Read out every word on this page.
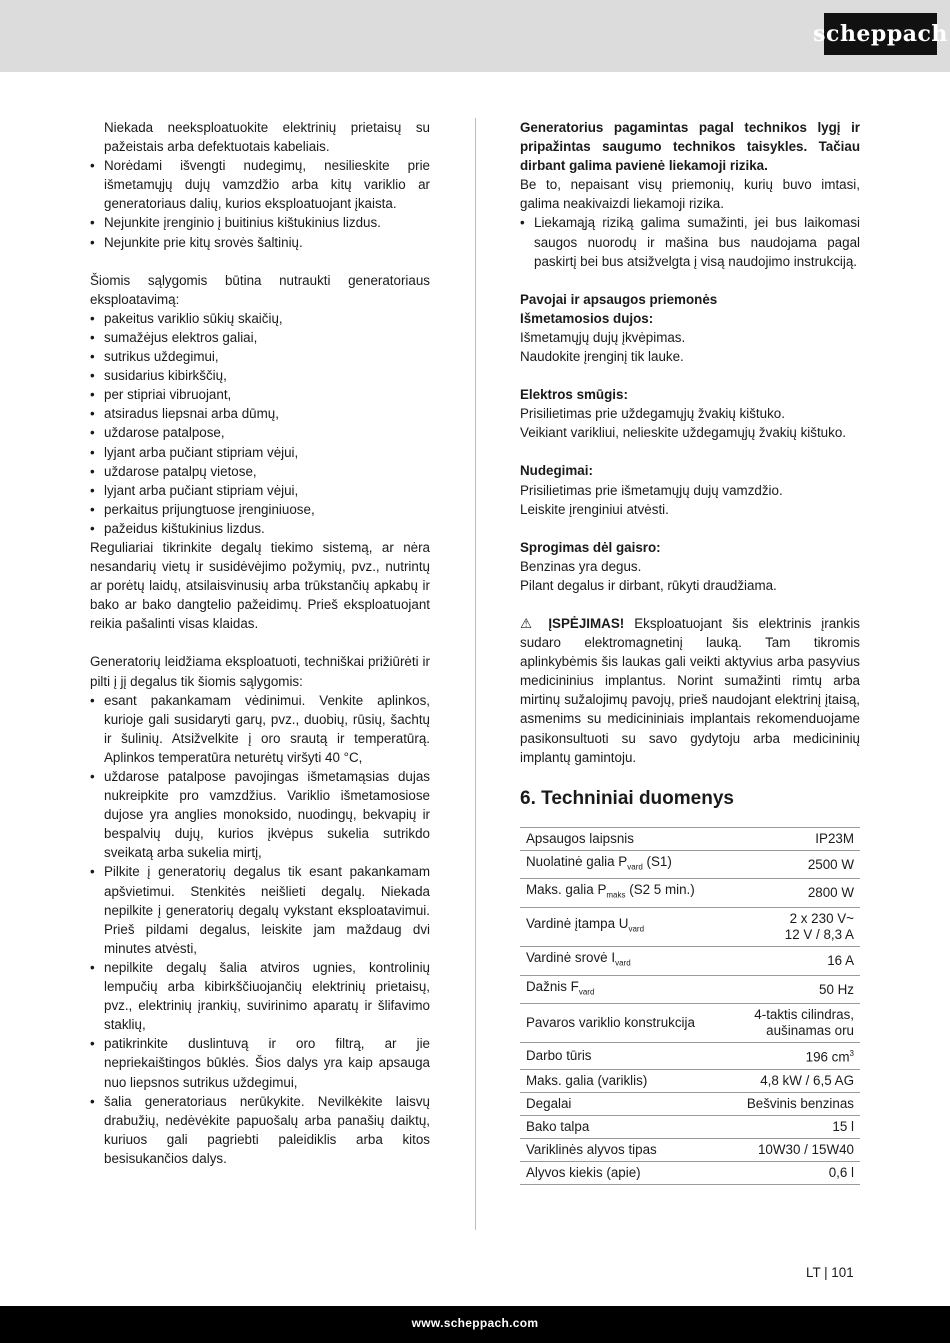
scheppach

Niekada neeksploatuokite elektrinių prietaisų su pažeistais arba defektuotais kabeliais.

• Norėdami išvengti nudegimų, nesilieskite prie išmetamųjų dujų vamzdžio arba kitų variklio ar generatoriaus dalių, kurios eksploatuojant įkaista.
• Nejunkite įrenginio į buitinius kištukinius lizdus.
• Nejunkite prie kitų srovės šaltinių.

Šiomis sąlygomis būtina nutraukti generatoriaus eksploatavimą:

• pakeitus variklio sūkių skaičių,
• sumažėjus elektros galiai,
• sutrikus uždegimui,
• susidarius kibirkščių,
• per stipriai vibruojant,
• atsiradus liepsnai arba dūmų,
• uždarose patalpose,
• lyjant arba pučiant stipriam vėjui,
• uždarose patalpų vietose,
• lyjant arba pučiant stipriam vėjui,
• perkaitus prijungtuose įrenginiuose,
• pažeidus kištukinius lizdus.

Reguliariai tikrinkite degalų tiekimo sistemą, ar nėra nesandarių vietų ir susidėvėjimo požymių, pvz., nutrintų ar porėtų laidų, atsilaisvinusių arba trūkstančių apkabų ir bako ar bako dangtelio pažeidimų. Prieš eksploatuojant reikia pašalinti visas klaidas.

Generatorių leidžiama eksploatuoti, techniškai prižiūrėti ir pilti į jį degalus tik šiomis sąlygomis:

• esant pakankamam vėdinimui. Venkite aplinkos, kurioje gali susidaryti garų, pvz., duobių, rūsių, šachtų ir šulinių. Atsižvelkite į oro srautą ir temperatūrą. Aplinkos temperatūra neturėtų viršyti 40 °C,
• uždarose patalpose pavojingas išmetamąsias dujas nukreipkite pro vamzdžius. Variklio išmetamosiose dujose yra anglies monoksido, nuodingų, bekvapių ir bespalvių dujų, kurios įkvėpus sukelia sutrikdo sveikatą arba sukelia mirtį,
• Pilkite į generatorių degalus tik esant pakankamam apšvietimui. Stenkitės neišlieti degalų. Niekada nepilkite į generatorių degalų vykstant eksploatavimui. Prieš pildami degalus, leiskite jam maždaug dvi minutes atvėsti,
• nepilkite degalų šalia atviros ugnies, kontrolinių lempučių arba kibirkščiuojančių elektrinių prietaisų, pvz., elektrinių įrankių, suvirinimo aparatų ir šlifavimo staklių,
• patikrinkite duslintuvą ir oro filtrą, ar jie nepriekaištingos būklės. Šios dalys yra kaip apsauga nuo liepsnos sutrikus uždegimui,
• šalia generatoriaus nerūkykite. Nevilkėkite laisvų drabužių, nedėvėkite papuošalų arba panašių daiktų, kuriuos gali pagriebti paleidiklis arba kitos besisukančios dalys.

Generatorius pagamintas pagal technikos lygį ir pripažintas saugumo technikos taisykles. Tačiau dirbant galima pavienė liekamoji rizika.

Be to, nepaisant visų priemonių, kurių buvo imtasi, galima neakivaizdi liekamoji rizika.

• Liekamąją riziką galima sumažinti, jei bus laikomasi saugos nuorodų ir mašina bus naudojama pagal paskirtį bei bus atsižvelgta į visą naudojimo instrukciją.

Pavojai ir apsaugos priemonės

Išmetamosios dujos:

Išmetamųjų dujų įkvėpimas.

Naudokite įrenginį tik lauke.

Elektros smūgis:

Prisilietimas prie uždegamųjų žvakių kištuko.

Veikiant varikliui, nelieskite uždegamųjų žvakių kištuko.

Nudegimai:

Prisilietimas prie išmetamųjų dujų vamzdžio.

Leiskite įrenginiui atvėsti.

Sprogimas dėl gaisro:

Benzinas yra degus.

Pilant degalus ir dirbant, rūkyti draudžiama.

⚠ ĮSPĖJIMAS! Eksploatuojant šis elektrinis įrankis sudaro elektromagnetinį lauką. Tam tikromis aplinkybėmis šis laukas gali veikti aktyvius arba pasyvius medicininius implantus. Norint sumažinti rimtų arba mirtinų sužalojimų pavojų, prieš naudojant elektrinį įtaisą, asmenims su medicininiais implantais rekomenduojame pasikonsultuoti su savo gydytoju arba medicininių implantų gamintoju.

6. Techniniai duomenys
Apsaugos laipsnis	IP23M
Nuolatinė galia $P_{vard}$ (S1)	2500 W
Maks. galia $P_{maks}$ (S2 5 min.)	2800 W
Vardinė įtampa $U_{vard}$	2 x 230 V~
12 V / 8,3 A
Vardinė srovė $I_{vard}$	16 A
Dažnis $F_{vard}$	50 Hz
Pavaros variklio konstrukcija	4-taktis cilindras,
aušinamas oru
Darbo tūris	196 $cm^3$
Maks. galia (variklis)	4,8 kW / 6,5 AG
Degalai	Bešvinis benzinas
Bako talpa	15 l
Variklinės alyvos tipas	10W30 / 15W40
Alyvos kiekis (apie)	0,6 l
LT | 101
www.scheppach.com
